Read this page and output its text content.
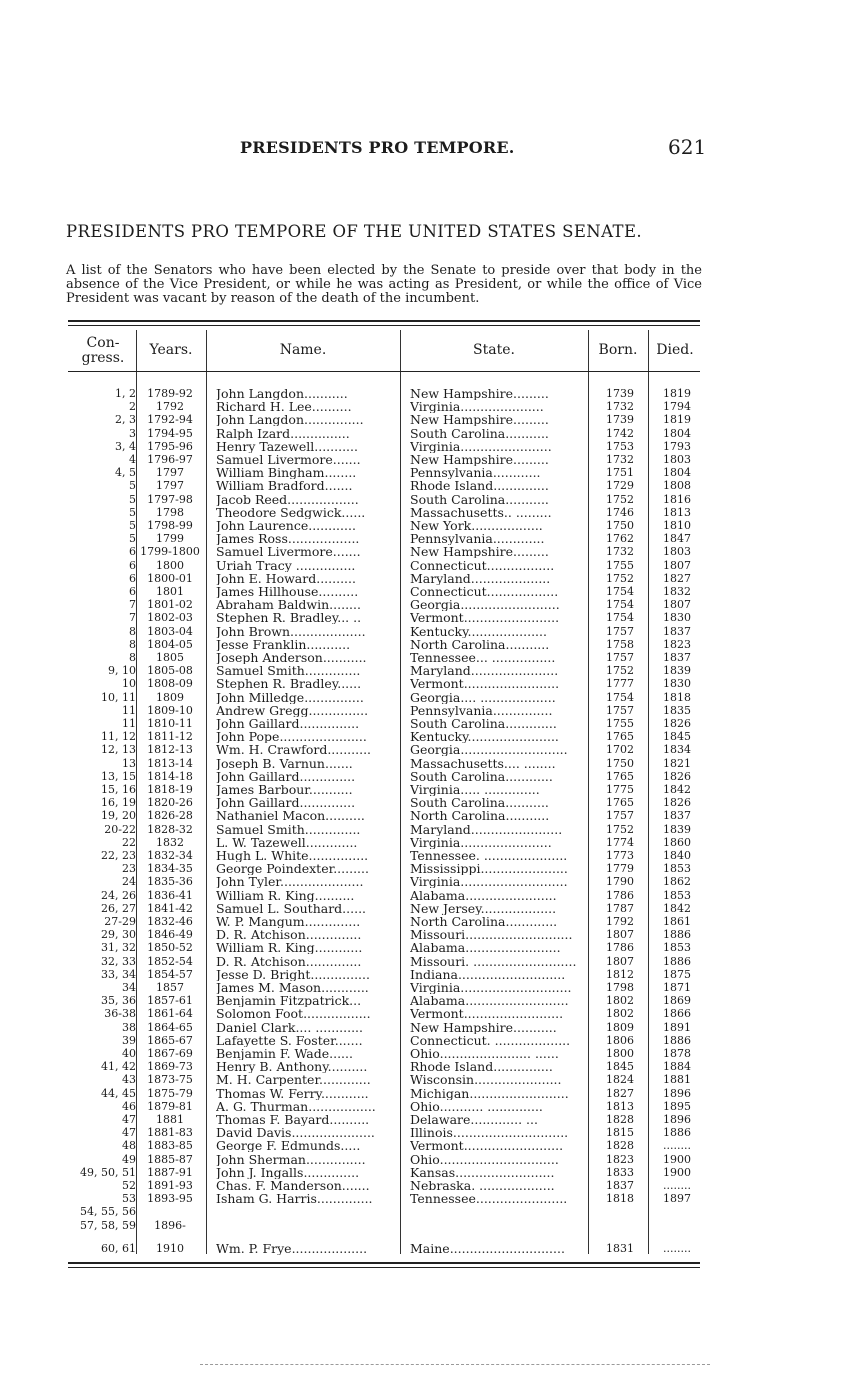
PRESIDENTS PRO TEMPORE.	621
PRESIDENTS PRO TEMPORE OF THE UNITED STATES SENATE.
A list of the Senators who have been elected by the Senate to preside over that body in the absence of the Vice President, or while he was acting as President, or while the office of Vice President was vacant by reason of the death of the incumbent.
Con-
gress.	Years.	Name.	State.	Born.	Died.
1, 2	1789-92	John Langdon...........	New Hampshire.........	1739	1819
2	1792	Richard H. Lee..........	Virginia.....................	1732	1794
2, 3	1792-94	John Langdon...............	New Hampshire.........	1739	1819
3	1794-95	Ralph Izard...............	South Carolina...........	1742	1804
3, 4	1795-96	Henry Tazewell...........	Virginia.......................	1753	1793
4	1796-97	Samuel Livermore.......	New Hampshire.........	1732	1803
4, 5	1797	William Bingham........	Pennsylvania............	1751	1804
5	1797	William Bradford.......	Rhode Island..............	1729	1808
5	1797-98	Jacob Reed..................	South Carolina...........	1752	1816
5	1798	Theodore Sedgwick......	Massachusetts.. .........	1746	1813
5	1798-99	John Laurence............	New York..................	1750	1810
5	1799	James Ross..................	Pennsylvania.............	1762	1847
6 1799-1800 Samuel Livermore.......	New Hampshire.........	1732	1803
6	1800	Uriah Tracy ...............	Connecticut.................	1755	1807
6	1800-01	John E. Howard..........	Maryland....................	1752	1827
6	1801	James Hillhouse..........	Connecticut..................	1754	1832
7	1801-02	Abraham Baldwin........	Georgia.........................	1754	1807
7	1802-03	Stephen R. Bradley... ..	Vermont........................	1754	1830
8	1803-04	John Brown...................	Kentucky....................	1757	1837
8	1804-05	Jesse Franklin...........	North Carolina...........	1758	1823
8	1805	Joseph Anderson...........	Tennessee... ................	1757	1837
9, 10	1805-08	Samuel Smith..............	Maryland......................	1752	1839
10	1808-09	Stephen R. Bradley......	Vermont........................	1777	1830
10, 11	1809	John Milledge...............	Georgia.... ...................	1754	1818
11	1809-10	Andrew Gregg...............	Pennsylvania...............	1757	1835
11	1810-11	John Gaillard...............	South Carolina.............	1755	1826
11, 12	1811-12	John Pope......................	Kentucky.......................	1765	1845
12, 13	1812-13	Wm. H. Crawford...........	Georgia...........................	1702	1834
13	1813-14	Joseph B. Varnun.......	Massachusetts.... ........	1750	1821
13, 15	1814-18	John Gaillard..............	South Carolina............	1765	1826
15, 16	1818-19	James Barbour...........	Virginia..... ..............	1775	1842
16, 19	1820-26	John Gaillard..............	South Carolina...........	1765	1826
19, 20	1826-28	Nathaniel Macon..........	North Carolina...........	1757	1837
20-22	1828-32	Samuel Smith..............	Maryland.......................	1752	1839
22	1832	L. W. Tazewell.............	Virginia.......................	1774	1860
22, 23	1832-34	Hugh L. White...............	Tennessee. .....................	1773	1840
23	1834-35	George Poindexter.........	Mississippi......................	1779	1853
24	1835-36	John Tyler.....................	Virginia...........................	1790	1862
24, 26	1836-41	William R. King..........	Alabama.......................	1786	1853
26, 27	1841-42	Samuel L. Southard......	New Jersey...................	1787	1842
27-29	1832-46	W. P. Mangum..............	North Carolina.............	1792	1861
29, 30	1846-49	D. R. Atchison..............	Missouri...........................	1807	1886
31, 32	1850-52	William R. King............	Alabama........................	1786	1853
32, 33	1852-54	D. R. Atchison..............	Missouri. ..........................	1807	1886
33, 34	1854-57	Jesse D. Bright...............	Indiana...........................	1812	1875
34	1857	James M. Mason............	Virginia............................	1798	1871
35, 36	1857-61	Benjamin Fitzpatrick...	Alabama..........................	1802	1869
36-38	1861-64	Solomon Foot.................	Vermont.........................	1802	1866
38	1864-65	Daniel Clark.... ............	New Hampshire...........	1809	1891
39	1865-67	Lafayette S. Foster.......	Connecticut. ...................	1806	1886
40	1867-69	Benjamin F. Wade......	Ohio....................... ......	1800	1878
41, 42	1869-73	Henry B. Anthony..........	Rhode Island...............	1845	1884
43	1873-75	M. H. Carpenter.............	Wisconsin......................	1824	1881
44, 45	1875-79	Thomas W. Ferry............	Michigan.........................	1827	1896
46	1879-81	A. G. Thurman.................	Ohio........... ..............	1813	1895
47	1881	Thomas F. Bayard..........	Delaware............. ...	1828	1896
47	1881-83	David Davis.....................	Illinois.............................	1815	1886
48	1883-85	George F. Edmunds.....	Vermont.........................	1828	........
49	1885-87	John Sherman...............	Ohio..............................	1823	1900
49, 50, 51	1887-91	John J. Ingalls..............	Kansas.........................	1833	1900
52	1891-93	Chas. F. Manderson.......	Nebraska. ...................	1837	........
53	1893-95	Isham G. Harris..............	Tennessee.......................	1818	1897
54, 55, 56
57, 58, 59	1896-
60, 61	1910	Wm. P. Frye...................	Maine.............................	1831	........
